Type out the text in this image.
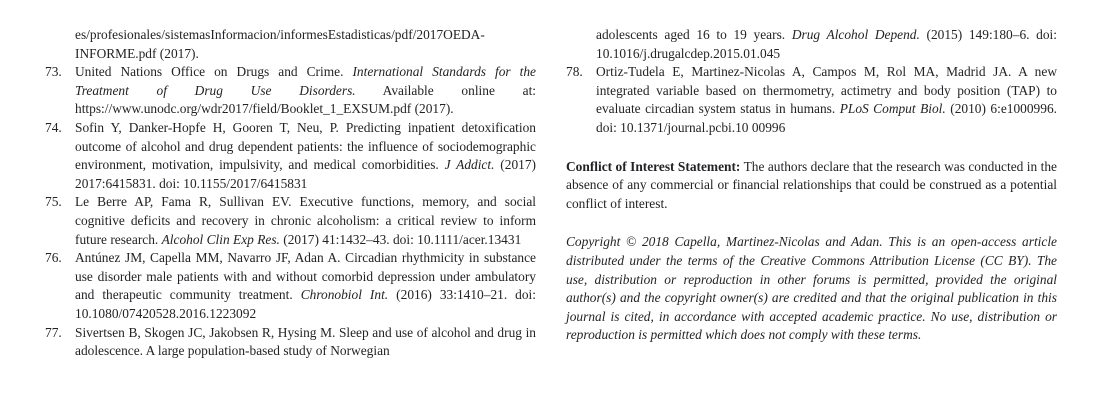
es/profesionales/sistemasInformacion/informesEstadisticas/pdf/2017OEDA-INFORME.pdf (2017).

73. United Nations Office on Drugs and Crime. International Standards for the Treatment of Drug Use Disorders. Available online at: https://www.unodc.org/wdr2017/field/Booklet_1_EXSUM.pdf (2017).

74. Sofin Y, Danker-Hopfe H, Gooren T, Neu, P. Predicting inpatient detoxification outcome of alcohol and drug dependent patients: the influence of sociodemographic environment, motivation, impulsivity, and medical comorbidities. J Addict. (2017) 2017:6415831. doi: 10.1155/2017/6415831

75. Le Berre AP, Fama R, Sullivan EV. Executive functions, memory, and social cognitive deficits and recovery in chronic alcoholism: a critical review to inform future research. Alcohol Clin Exp Res. (2017) 41:1432–43. doi: 10.1111/acer.13431

76. Antúnez JM, Capella MM, Navarro JF, Adan A. Circadian rhythmicity in substance use disorder male patients with and without comorbid depression under ambulatory and therapeutic community treatment. Chronobiol Int. (2016) 33:1410–21. doi: 10.1080/07420528.2016.1223092

77. Sivertsen B, Skogen JC, Jakobsen R, Hysing M. Sleep and use of alcohol and drug in adolescence. A large population-based study of Norwegian

adolescents aged 16 to 19 years. Drug Alcohol Depend. (2015) 149:180–6. doi: 10.1016/j.drugalcdep.2015.01.045

78. Ortiz-Tudela E, Martinez-Nicolas A, Campos M, Rol MA, Madrid JA. A new integrated variable based on thermometry, actimetry and body position (TAP) to evaluate circadian system status in humans. PLoS Comput Biol. (2010) 6:e1000996. doi: 10.1371/journal.pcbi.10 00996

Conflict of Interest Statement: The authors declare that the research was conducted in the absence of any commercial or financial relationships that could be construed as a potential conflict of interest.

Copyright © 2018 Capella, Martinez-Nicolas and Adan. This is an open-access article distributed under the terms of the Creative Commons Attribution License (CC BY). The use, distribution or reproduction in other forums is permitted, provided the original author(s) and the copyright owner(s) are credited and that the original publication in this journal is cited, in accordance with accepted academic practice. No use, distribution or reproduction is permitted which does not comply with these terms.
